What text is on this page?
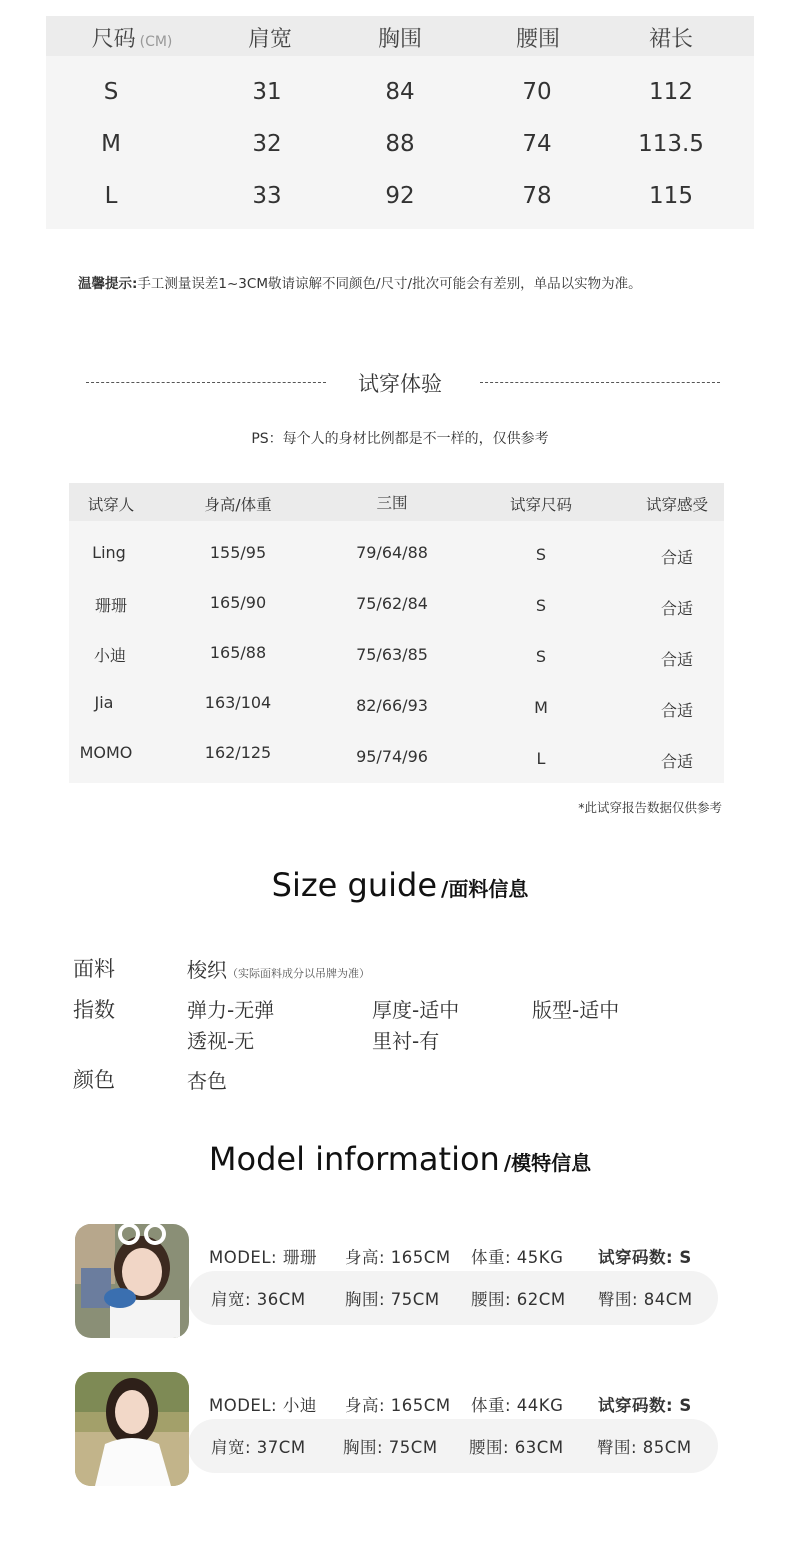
尺码 (CM)	肩宽	胸围	腰围	裙长
S	31	84	70	112
M	32	88	74	113.5
L	33	92	78	115
温馨提示:手工测量误差1~3CM敬请谅解不同颜色/尺寸/批次可能会有差别，单品以实物为准。
试穿体验
PS：每个人的身材比例都是不一样的，仅供参考
试穿人	身高/体重	三围	试穿尺码	试穿感受
Ling	155/95	79/64/88	S	合适
珊珊	165/90	75/62/84	S	合适
小迪	165/88	75/63/85	S	合适
Jia	163/104	82/66/93	M	合适
MOMO	162/125	95/74/96	L	合适
*此试穿报告数据仅供参考
Size guide /面料信息
面料	梭织（实际面料成分以吊牌为准）
指数	弹力-无弹	厚度-适中	版型-适中
透视-无	里衬-有
颜色	杏色
Model information /模特信息
MODEL: 珊珊 身高: 165CM 体重: 45KG 试穿码数: S
肩宽: 36CM 胸围: 75CM 腰围: 62CM 臀围: 84CM
MODEL: 小迪 身高: 165CM 体重: 44KG 试穿码数: S
肩宽: 37CM 胸围: 75CM 腰围: 63CM 臀围: 85CM
